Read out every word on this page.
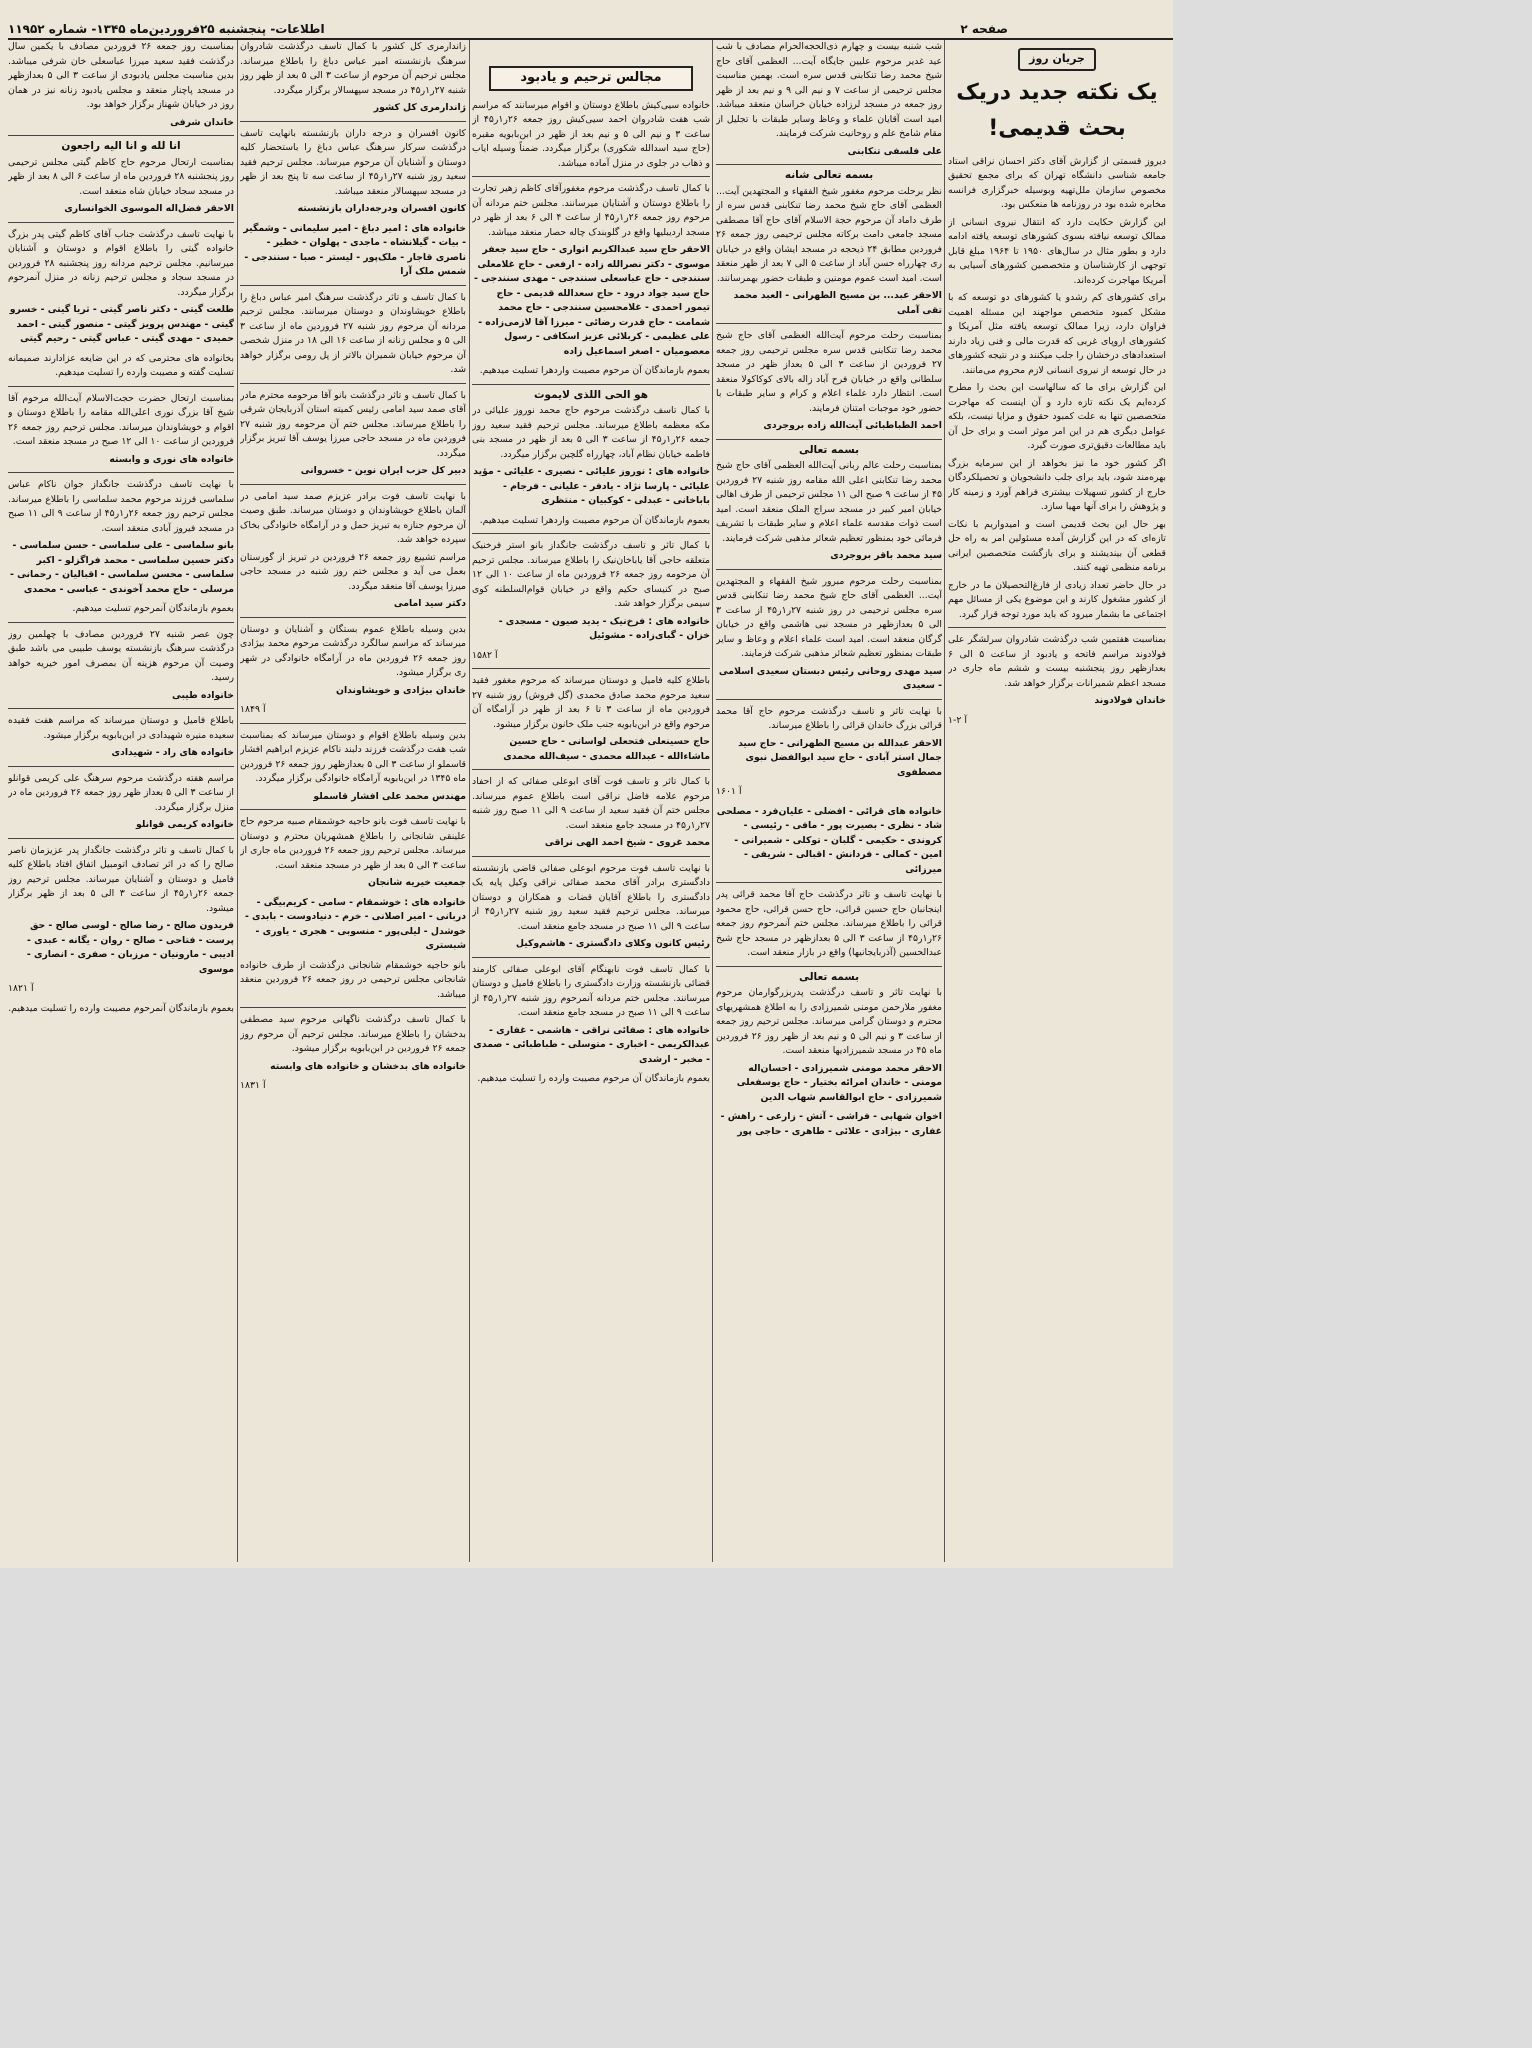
صفحه ۲
اطلاعات- پنجشنبه ۲۵فروردین‌ماه ۱۳۴۵- شماره ۱۱۹۵۲
جریان روز
یک نکته جدید دریک بحث قدیمی!

دیروز قسمتی از گزارش آقای دکتر احسان نراقی استاد جامعه شناسی دانشگاه تهران که برای مجمع تحقیق مخصوص سازمان ملل‌تهیه وبوسیله خبرگزاری فرانسه مخابره شده بود در روزنامه ها منعکس بود.

این گزارش حکایت دارد که انتقال نیروی انسانی از ممالک توسعه نیافته بسوی کشورهای توسعه یافته ادامه دارد و بطور مثال در سال‌های ۱۹۵۰ تا ۱۹۶۴ مبلغ قابل توجهی از کارشناسان و متخصصین کشورهای آسیایی به آمریکا مهاجرت کرده‌اند.

برای کشورهای کم رشدو یا کشورهای دو توسعه که با مشکل کمبود متخصص مواجهند این مسئله اهمیت فراوان دارد، زیرا ممالک توسعه یافته مثل آمریکا و کشورهای اروپای غربی که قدرت مالی و فنی زیاد دارند استعدادهای درخشان را جلب میکنند و در نتیجه کشورهای در حال توسعه از نیروی انسانی لازم محروم می‌مانند.

این گزارش برای ما که سالهاست این بحث را مطرح کرده‌ایم یک نکته تازه دارد و آن اینست که مهاجرت متخصصین تنها به علت کمبود حقوق و مزایا نیست، بلکه عوامل دیگری هم در این امر موثر است و برای حل آن باید مطالعات دقیق‌تری صورت گیرد.

اگر کشور خود ما نیز بخواهد از این سرمایه بزرگ بهره‌مند شود، باید برای جلب دانشجویان و تحصیلکردگان خارج از کشور تسهیلات بیشتری فراهم آورد و زمینه کار و پژوهش را برای آنها مهیا سازد.

بهر حال این بحث قدیمی است و امیدواریم با نکات تازه‌ای که در این گزارش آمده مسئولین امر به راه حل قطعی آن بیندیشند و برای بازگشت متخصصین ایرانی برنامه منظمی تهیه کنند.

در حال حاضر تعداد زیادی از فارغ‌التحصیلان ما در خارج از کشور مشغول کارند و این موضوع یکی از مسائل مهم اجتماعی ما بشمار میرود که باید مورد توجه قرار گیرد.

بمناسبت هفتمین شب درگذشت شادروان سرلشگر علی فولادوند مراسم فاتحه و یادبود از ساعت ۵ الی ۶ بعدازظهر روز پنجشنبه بیست و ششم ماه جاری در مسجد اعظم شمیرانات برگزار خواهد شد.

خاندان فولادوند
آ ۲-۱

شب شنبه بیست و چهارم ذی‌الحجه‌الحرام مصادف با شب عید غدیر مرحوم علیین جایگاه آیت... العظمی آقای حاج شیخ محمد رضا تنکابنی قدس سره است. بهمین مناسبت مجلس ترحیمی از ساعت ۷ و نیم الی ۹ و نیم بعد از ظهر روز جمعه در مسجد لرزاده خیابان خراسان منعقد میباشد. امید است آقایان علماء و وعاظ وسایر طبقات با تجلیل از مقام شامخ علم و روحانیت شرکت فرمایند.

علی فلسفی تنکابنی
بسمه تعالی شانه

نظر برحلت مرحوم مغفور شیخ الفقهاء و المجتهدین آیت... العظمی آقای حاج شیخ محمد رضا تنکابنی قدس سره از طرف داماد آن مرحوم حجة الاسلام آقای حاج آقا مصطفی مسجد جامعی دامت برکاته مجلس ترحیمی روز جمعه ۲۶ فروردین مطابق ۲۴ ذیحجه در مسجد ایشان واقع در خیابان ری چهارراه حسن آباد از ساعت ۵ الی ۷ بعد از ظهر منعقد است. امید است عموم مومنین و طبقات حضور بهمرسانند.

الاحقر عبد... بن مسیح الطهرانی - العبد محمد تقی آملی

بمناسبت رحلت مرحوم آیت‌الله العظمی آقای حاج شیخ محمد رضا تنکابنی قدس سره مجلس ترحیمی روز جمعه ۲۷ فروردین از ساعت ۳ الی ۵ بعداز ظهر در مسجد سلطانی واقع در خیابان فرح آباد زاله بالای کوکاکولا منعقد است. انتظار دارد علماء اعلام و کرام و سایر طبقات با حضور خود موجبات امتنان فرمایند.

احمد الطباطبائی آیت‌الله زاده بروجردی
بسمه تعالی

بمناسبت رحلت عالم ربانی آیت‌الله العظمی آقای حاج شیخ محمد رضا تنکابنی اعلی الله مقامه روز شنبه ۲۷ فروردین ۴۵ از ساعت ۹ صبح الی ۱۱ مجلس ترحیمی از طرف اهالی خیابان امیر کبیر در مسجد سراج الملک منعقد است. امید است ذوات مقدسه علماء اعلام و سایر طبقات با تشریف فرمائی خود بمنظور تعظیم شعائر مذهبی شرکت فرمایند.

سید محمد باقر بروجردی

بمناسبت رحلت مرحوم مبرور شیخ الفقهاء و المجتهدین آیت... العظمی آقای حاج شیخ محمد رضا تنکابنی قدس سره مجلس ترحیمی در روز شنبه ۲۷ر۱ر۴۵ از ساعت ۳ الی ۵ بعدازظهر در مسجد نبی هاشمی واقع در خیابان گرگان منعقد است. امید است علماء اعلام و وعاظ و سایر طبقات بمنظور تعظیم شعائر مذهبی شرکت فرمایند.

سید مهدی روحانی رئیس دبستان سعیدی اسلامی - سعیدی

با نهایت تاثر و تاسف درگذشت مرحوم حاج آقا محمد قرائی بزرگ خاندان قرائی را باطلاع میرساند.

الاحقر عبدالله بن مسیح الطهرانی - حاج سید جمال استر آبادی - حاج سید ابوالفضل نبوی مصطفوی
آ ۱۶۰۱
خانواده های قرائی - افضلی - علیان‌فرد - مصلحی شاد - نظری - بصیرت پور - مافی - رئیسی - کروندی - حکیمی - گلبان - توکلی - شمیرانی - امین - کمالی - فردانش - اقبالی - شریفی - میرزائی

با نهایت تاسف و تاثر درگذشت حاج آقا محمد قرائی پدر اینجانبان حاج حسین قرائی، حاج حسن قرائی، حاج محمود قرائی را باطلاع میرساند. مجلس ختم آنمرحوم روز جمعه ۲۶ر۱ر۴۵ از ساعت ۳ الی ۵ بعدازظهر در مسجد حاج شیخ عبدالحسین (آذربایجانیها) واقع در بازار منعقد است.

بسمه تعالی

با نهایت تاثر و تاسف درگذشت پدربزرگوارمان مرحوم مغفور ملارحمن مومنی شمیرزادی را به اطلاع همشهریهای محترم و دوستان گرامی میرساند. مجلس ترحیم روز جمعه از ساعت ۳ و نیم الی ۵ و نیم بعد از ظهر روز ۲۶ فروردین ماه ۴۵ در مسجد شمیرزادیها منعقد است.

الاحقر محمد مومنی شمیرزادی - احسان‌اله مومنی - خاندان امرائه بختیار - حاج یوسفعلی شمیرزادی - حاج ابوالقاسم شهاب الدین
اخوان شهابی - فراشی - آتش - زارعی - راهش - غفاری - بیژادی - علائی - طاهری - حاجی پور
مجالس ترحیم و یادبود

خانواده سیی‌کیش باطلاع دوستان و اقوام میرسانند که مراسم شب هفت شادروان احمد سیی‌کیش روز جمعه ۲۶ر۱ر۴۵ از ساعت ۳ و نیم الی ۵ و نیم بعد از ظهر در ابن‌بابویه مقبره (حاج سید اسدالله شکوری) برگزار میگردد. ضمناً وسیله ایاب و ذهاب در جلوی در منزل آماده میباشد.

با کمال تاسف درگذشت مرحوم مغفورآقای کاظم زهیر تجارت را باطلاع دوستان و آشنایان میرسانند. مجلس ختم مردانه آن مرحوم روز جمعه ۲۶ر۱ر۴۵ از ساعت ۴ الی ۶ بعد از ظهر در مسجد اردیبلیها واقع در گلوبندک چاله حصار منعقد میباشد.

الاحقر حاج سید عبدالکریم انواری - حاج سید جعفر موسوی - دکتر نصرالله زاده - ارفعی - حاج غلامعلی سنندجی - حاج عباسعلی سنندجی - مهدی سنندجی - حاج سید جواد درود - حاج سعدالله قدیمی - حاج تیمور احمدی - غلامحسین سنندجی - حاج محمد شمامت - حاج قدرت رضائی - میرزا آقا لازمی‌زاده - علی عظیمی - کربلائی عزیز اسکافی - رسول معصومیان - اصغر اسماعیل زاده

بعموم بازماندگان آن مرحوم مصیبت واردهرا تسلیت میدهیم.

هو الحی اللذی لایموت

با کمال تاسف درگذشت مرحوم حاج محمد نوروز علیائی در مکه معظمه باطلاع میرساند. مجلس ترحیم فقید سعید روز جمعه ۲۶ر۱ر۴۵ از ساعت ۳ الی ۵ بعد از ظهر در مسجد بنی فاطمه خیابان نظام آباد، چهارراه گلچین برگزار میگردد.

خانواده های : نوروز علیائی - نصیری - علیائی - مؤید علیائی - پارسا نژاد - یادفر - علیانی - فرجام - باباخانی - عبدلی - کوکبیان - منتظری

بعموم بازماندگان آن مرحوم مصیبت واردهرا تسلیت میدهیم.

با کمال تاثر و تاسف درگذشت جانگداز بانو استر فرخنیک متعلقه حاجی آقا یاباخان‌نیک را باطلاع میرساند. مجلس ترحیم آن مرحومه روز جمعه ۲۶ فروردین ماه از ساعت ۱۰ الی ۱۲ صبح در کنیسای حکیم واقع در خیابان قوام‌السلطنه کوی سیمی برگزار خواهد شد.

خانواده های : فرخ‌نیک - یدید صیون - مسجدی - خزان - گبای‌زاده - مشوئیل
آ ۱۵۸۲

باطلاع کلیه فامیل و دوستان میرساند که مرحوم مغفور فقید سعید مرحوم محمد صادق محمدی (گل فروش) روز شنبه ۲۷ فروردین ماه از ساعت ۳ تا ۶ بعد از ظهر در آرامگاه آن مرحوم واقع در ابن‌بابویه جنب ملک خانون برگزار میشود.

حاج حسینعلی فتحعلی لواسانی - حاج حسین ماشاءالله - عبدالله محمدی - سیف‌الله محمدی

با کمال تاثر و تاسف فوت آقای ابوعلی صفائی که از احفاد مرحوم علامه فاضل نراقی است باطلاع عموم میرساند. مجلس ختم آن فقید سعید از ساعت ۹ الی ۱۱ صبح روز شنبه ۲۷ر۱ر۴۵ در مسجد جامع منعقد است.

محمد غروی - شیخ احمد الهی نراقی

با نهایت تاسف فوت مرحوم ابوعلی صفائی قاضی بازنشسته دادگستری برادر آقای محمد صفائی نراقی وکیل پایه یک دادگستری را باطلاع آقایان قضات و همکاران و دوستان میرساند. مجلس ترحیم فقید سعید روز شنبه ۲۷ر۱ر۴۵ از ساعت ۹ الی ۱۱ صبح در مسجد جامع منعقد است.

رئیس کانون وکلای دادگستری - هاشم‌وکیل

با کمال تاسف فوت نابهنگام آقای ابوعلی صفائی کارمند قضائی بازنشسته وزارت دادگستری را باطلاع فامیل و دوستان میرسانند. مجلس ختم مردانه آنمرحوم روز شنبه ۲۷ر۱ر۴۵ از ساعت ۹ الی ۱۱ صبح در مسجد جامع منعقد است.

خانواده های : صفائی نراقی - هاشمی - غفاری - عبدالکریمی - اخباری - متوسلی - طباطبائی - صمدی - مخبر - ارشدی

بعموم بازماندگان آن مرحوم مصیبت وارده را تسلیت میدهیم.

زاندارمری کل کشور با کمال تاسف درگذشت شادروان سرهنگ بازنشسته امیر عباس دباغ را باطلاع میرساند. مجلس ترحیم آن مرحوم از ساعت ۳ الی ۵ بعد از ظهر روز شنبه ۲۷ر۱ر۴۵ در مسجد سپهسالار برگزار میگردد.

ژاندارمری کل کشور

کانون افسران و درجه داران بازنشسته بانهایت تاسف درگذشت سرکار سرهنگ عباس دباغ را باستحضار کلیه دوستان و آشنایان آن مرحوم میرساند. مجلس ترحیم فقید سعید روز شنبه ۲۷ر۱ر۴۵ از ساعت سه تا پنج بعد از ظهر در مسجد سپهسالار منعقد میباشد.

کانون افسران ودرجه‌داران بازنشسته
خانواده های : امیر دباغ - امیر سلیمانی - وشمگیر - بیات - گیلانشاه - ماجدی - پهلوان - خطیر - ناصری قاجار - ملک‌پور - لیستر - صبا - سنندجی - شمس ملک آرا

با کمال تاسف و تاثر درگذشت سرهنگ امیر عباس دباغ را باطلاع خویشاوندان و دوستان میرسانند. مجلس ترحیم مردانه آن مرحوم روز شنبه ۲۷ فروردین ماه از ساعت ۳ الی ۵ و مجلس زنانه از ساعت ۱۶ الی ۱۸ در منزل شخصی آن مرحوم خیابان شمیران بالاتر از پل رومی برگزار خواهد شد.

با کمال تاسف و تاثر درگذشت بانو آقا مرحومه محترم مادر آقای صمد سید امامی رئیس کمیته استان آذربایجان شرقی را باطلاع میرساند. مجلس ختم آن مرحومه روز شنبه ۲۷ فروردین ماه در مسجد حاجی میرزا یوسف آقا تبریز برگزار میگردد.

دبیر کل حزب ایران نوین - خسروانی

با نهایت تاسف فوت برادر عزیزم صمد سید امامی در آلمان باطلاع خویشاوندان و دوستان میرساند. طبق وصیت آن مرحوم جنازه به تبریز حمل و در آرامگاه خانوادگی بخاک سپرده خواهد شد.

مراسم تشییع روز جمعه ۲۶ فروردین در تبریز از گورستان بعمل می آید و مجلس ختم روز شنبه در مسجد حاجی میرزا یوسف آقا منعقد میگردد.

دکتر سید امامی

بدین وسیله باطلاع عموم بستگان و آشنایان و دوستان میرساند که مراسم سالگرد درگذشت مرحوم محمد بیژادی روز جمعه ۲۶ فروردین ماه در آرامگاه خانوادگی در شهر ری برگزار میشود.

خاندان بیژادی و خویشاوندان
آ ۱۸۴۹

بدین وسیله باطلاع اقوام و دوستان میرساند که بمناسبت شب هفت درگذشت فرزند دلبند ناکام عزیزم ابراهیم افشار قاسملو از ساعت ۳ الی ۵ بعدازظهر روز جمعه ۲۶ فروردین ماه ۱۳۴۵ در ابن‌بابویه آرامگاه خانوادگی برگزار میگردد.

مهندس محمد علی افشار قاسملو

با نهایت تاسف فوت بانو حاجیه خوشمقام صبیه مرحوم حاج علینقی شانجانی را باطلاع همشهریان محترم و دوستان میرساند. مجلس ترحیم روز جمعه ۲۶ فروردین ماه جاری از ساعت ۳ الی ۵ بعد از ظهر در مسجد منعقد است.

جمعیت خیریه شانجان
خانواده های : خوشمقام - سامی - کریم‌بیگی - دربانی - امیر اصلانی - خرم - دنیادوست - بابدی - خوشدل - لیلی‌پور - منسوبی - هجری - یاوری - شبستری

بانو حاجیه خوشمقام شانجانی درگذشت از طرف خانواده شانجانی مجلس ترحیمی در روز جمعه ۲۶ فروردین منعقد میباشد.

با کمال تاسف درگذشت ناگهانی مرحوم سید مصطفی بدخشان را باطلاع میرساند. مجلس ترحیم آن مرحوم روز جمعه ۲۶ فروردین در ابن‌بابویه برگزار میشود.

خانواده های بدخشان و خانواده های وابسته
آ ۱۸۳۱

بمناسبت روز جمعه ۲۶ فروردین مصادف با یکمین سال درگذشت فقید سعید میرزا عباسعلی خان شرفی میباشد. بدین مناسبت مجلس یادبودی از ساعت ۳ الی ۵ بعدازظهر در مسجد پاچنار منعقد و مجلس یادبود زنانه نیز در همان روز در خیابان شهناز برگزار خواهد بود.

خاندان شرفی
انا لله و انا الیه راجعون

بمناسبت ارتحال مرحوم حاج کاظم گیتی مجلس ترحیمی روز پنجشنبه ۲۸ فروردین ماه از ساعت ۶ الی ۸ بعد از ظهر در مسجد سجاد خیابان شاه منعقد است.

الاحقر فضل‌اله الموسوی الخوانساری

با نهایت تاسف درگذشت جناب آقای کاظم گیتی پدر بزرگ خانواده گیتی را باطلاع اقوام و دوستان و آشنایان میرسانیم. مجلس ترحیم مردانه روز پنجشنبه ۲۸ فروردین در مسجد سجاد و مجلس ترحیم زنانه در منزل آنمرحوم برگزار میگردد.

طلعت گیتی - دکتر ناصر گیتی - ثریا گیتی - خسرو گیتی - مهندس پرویز گیتی - منصور گیتی - احمد حمیدی - مهدی گیتی - عباس گیتی - رحیم گیتی

بخانواده های محترمی که در این ضایعه عزادارند صمیمانه تسلیت گفته و مصیبت وارده را تسلیت میدهیم.

بمناسبت ارتحال حضرت حجت‌الاسلام آیت‌الله مرحوم آقا شیخ آقا بزرگ نوری اعلی‌الله مقامه را باطلاع دوستان و اقوام و خویشاوندان میرساند. مجلس ترحیم روز جمعه ۲۶ فروردین از ساعت ۱۰ الی ۱۲ صبح در مسجد منعقد است.

خانواده های نوری و وابسته

با نهایت تاسف درگذشت جانگداز جوان ناکام عباس سلماسی فرزند مرحوم محمد سلماسی را باطلاع میرساند. مجلس ترحیم روز جمعه ۲۶ر۱ر۴۵ از ساعت ۹ الی ۱۱ صبح در مسجد فیروز آبادی منعقد است.

بانو سلماسی - علی سلماسی - حسن سلماسی - دکتر حسین سلماسی - محمد فراگزلو - اکبر سلماسی - محسن سلماسی - اقبالیان - رحمانی - مرسلی - حاج محمد آخوندی - عباسی - محمدی

بعموم بازماندگان آنمرحوم تسلیت میدهیم.

چون عصر شنبه ۲۷ فروردین مصادف با چهلمین روز درگذشت سرهنگ بازنشسته یوسف طبیبی می باشد طبق وصیت آن مرحوم هزینه آن بمصرف امور خیریه خواهد رسید.

خانواده طیبی

باطلاع فامیل و دوستان میرساند که مراسم هفت فقیده سعیده منیره شهیدادی در ابن‌بابویه برگزار میشود.

خانواده های راد - شهیدادی

مراسم هفته درگذشت مرحوم سرهنگ علی کریمی قوانلو از ساعت ۳ الی ۵ بعداز ظهر روز جمعه ۲۶ فروردین ماه در منزل برگزار میگردد.

خانواده کریمی قوانلو

با کمال تاسف و تاثر درگذشت جانگداز پدر عزیزمان ناصر صالح را که در اثر تصادف اتومبیل اتفاق افتاد باطلاع کلیه فامیل و دوستان و آشنایان میرساند. مجلس ترحیم روز جمعه ۲۶ر۱ر۴۵ از ساعت ۳ الی ۵ بعد از ظهر برگزار میشود.

فریدون صالح - رضا صالح - لوسی صالح - حق پرست - فتاحی - صالح - روان - یگانه - عبدی - ادیبی - مارونیان - مرزبان - صفری - انصاری - موسوی
آ ۱۸۲۱

بعموم بازماندگان آنمرحوم مصیبت وارده را تسلیت میدهیم.
